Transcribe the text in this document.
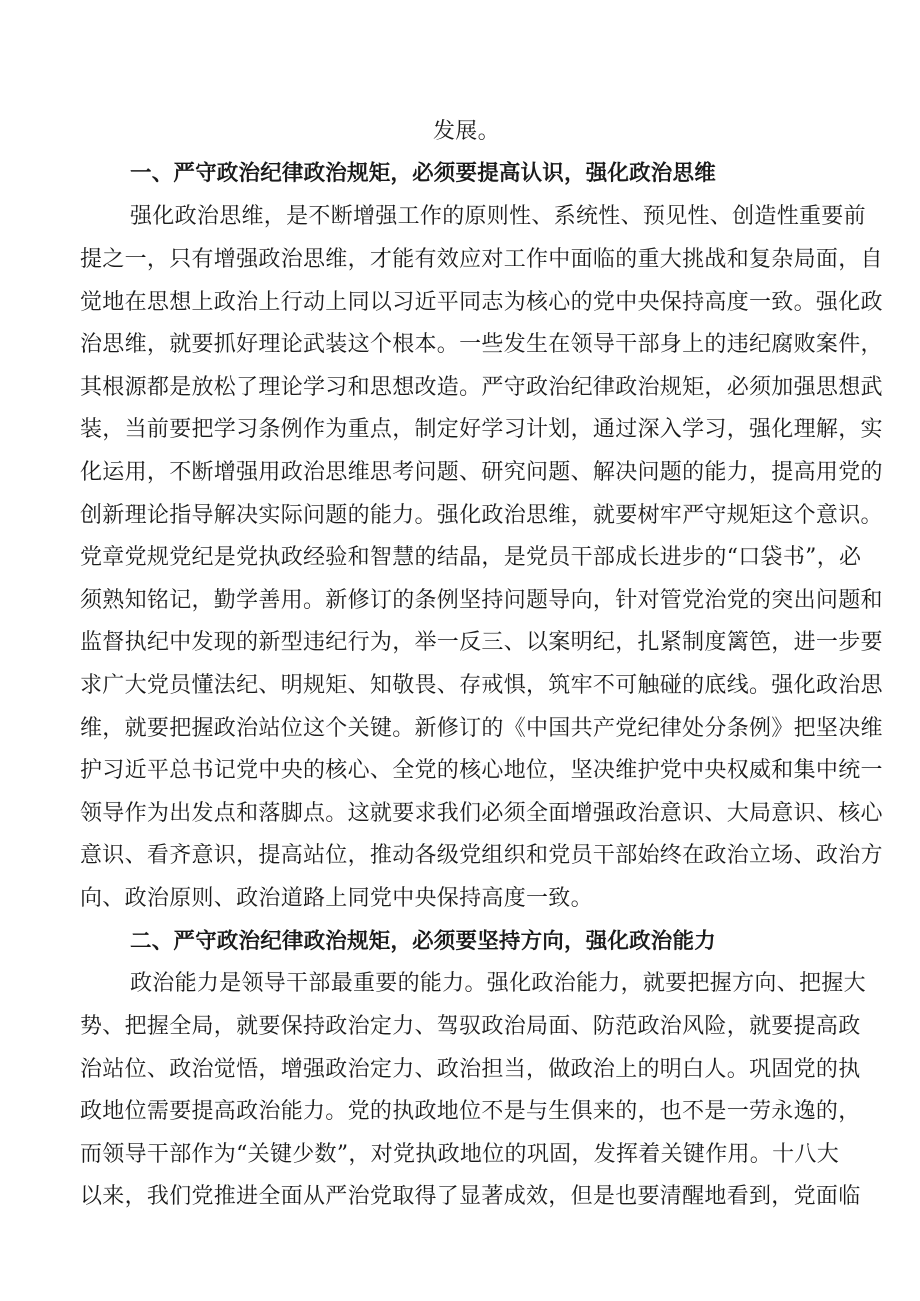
发展。
一、严守政治纪律政治规矩，必须要提高认识，强化政治思维
强化政治思维，是不断增强工作的原则性、系统性、预见性、创造性重要前
提之一，只有增强政治思维，才能有效应对工作中面临的重大挑战和复杂局面，自
觉地在思想上政治上行动上同以习近平同志为核心的党中央保持高度一致。强化政
治思维，就要抓好理论武装这个根本。一些发生在领导干部身上的违纪腐败案件，
其根源都是放松了理论学习和思想改造。严守政治纪律政治规矩，必须加强思想武
装，当前要把学习条例作为重点，制定好学习计划，通过深入学习，强化理解，实
化运用，不断增强用政治思维思考问题、研究问题、解决问题的能力，提高用党的
创新理论指导解决实际问题的能力。强化政治思维，就要树牢严守规矩这个意识。
党章党规党纪是党执政经验和智慧的结晶，是党员干部成长进步的“口袋书”，必
须熟知铭记，勤学善用。新修订的条例坚持问题导向，针对管党治党的突出问题和
监督执纪中发现的新型违纪行为，举一反三、以案明纪，扎紧制度篱笆，进一步要
求广大党员懂法纪、明规矩、知敬畏、存戒惧，筑牢不可触碰的底线。强化政治思
维，就要把握政治站位这个关键。新修订的《中国共产党纪律处分条例》把坚决维
护习近平总书记党中央的核心、全党的核心地位，坚决维护党中央权威和集中统一
领导作为出发点和落脚点。这就要求我们必须全面增强政治意识、大局意识、核心
意识、看齐意识，提高站位，推动各级党组织和党员干部始终在政治立场、政治方
向、政治原则、政治道路上同党中央保持高度一致。
二、严守政治纪律政治规矩，必须要坚持方向，强化政治能力
政治能力是领导干部最重要的能力。强化政治能力，就要把握方向、把握大
势、把握全局，就要保持政治定力、驾驭政治局面、防范政治风险，就要提高政
治站位、政治觉悟，增强政治定力、政治担当，做政治上的明白人。巩固党的执
政地位需要提高政治能力。党的执政地位不是与生俱来的，也不是一劳永逸的，
而领导干部作为“关键少数”，对党执政地位的巩固，发挥着关键作用。十八大
以来，我们党推进全面从严治党取得了显著成效，但是也要清醒地看到，党面临
